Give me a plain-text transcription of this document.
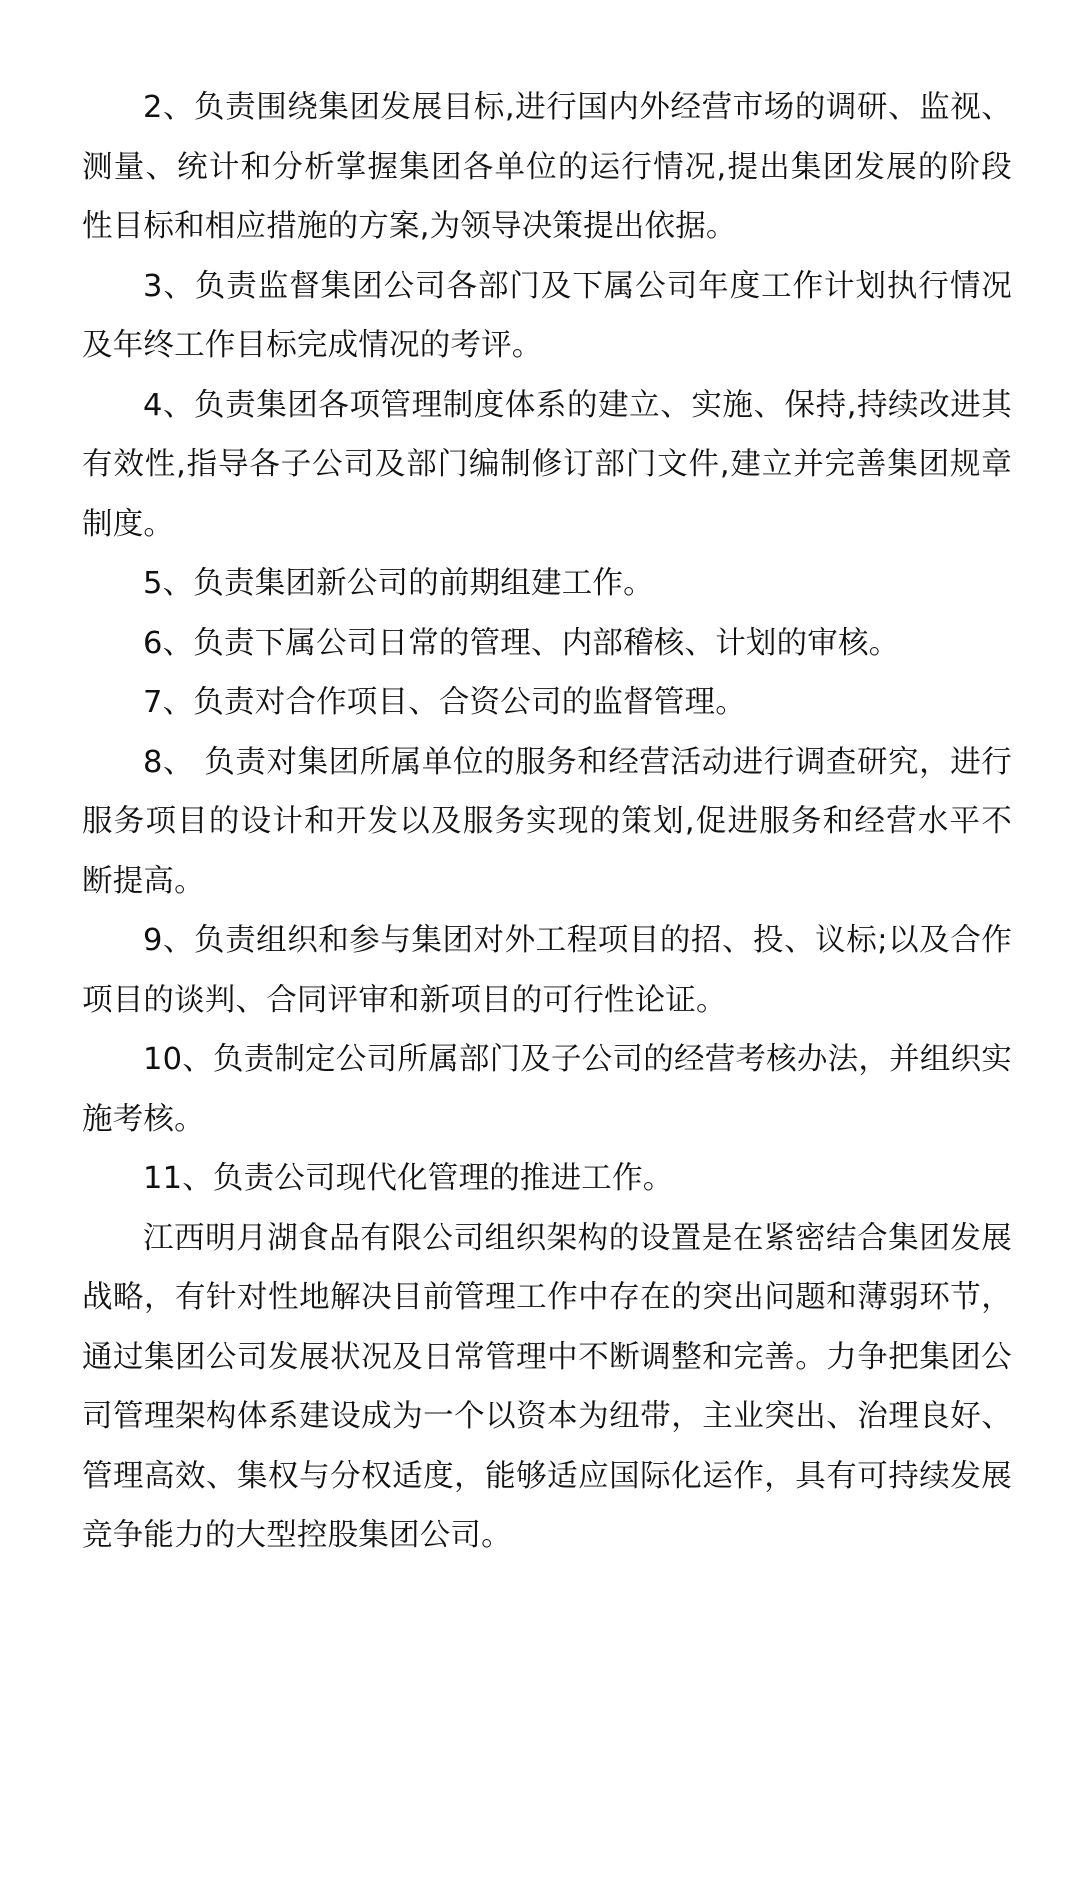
2、负责围绕集团发展目标,进行国内外经营市场的调研、监视、测量、统计和分析掌握集团各单位的运行情况,提出集团发展的阶段性目标和相应措施的方案,为领导决策提出依据。

3、负责监督集团公司各部门及下属公司年度工作计划执行情况及年终工作目标完成情况的考评。

4、负责集团各项管理制度体系的建立、实施、保持,持续改进其有效性,指导各子公司及部门编制修订部门文件,建立并完善集团规章制度。

5、负责集团新公司的前期组建工作。

6、负责下属公司日常的管理、内部稽核、计划的审核。

7、负责对合作项目、合资公司的监督管理。

8、 负责对集团所属单位的服务和经营活动进行调查研究，进行服务项目的设计和开发以及服务实现的策划,促进服务和经营水平不断提高。

9、负责组织和参与集团对外工程项目的招、投、议标;以及合作项目的谈判、合同评审和新项目的可行性论证。

10、负责制定公司所属部门及子公司的经营考核办法，并组织实施考核。

11、负责公司现代化管理的推进工作。

江西明月湖食品有限公司组织架构的设置是在紧密结合集团发展战略，有针对性地解决目前管理工作中存在的突出问题和薄弱环节，通过集团公司发展状况及日常管理中不断调整和完善。力争把集团公司管理架构体系建设成为一个以资本为纽带，主业突出、治理良好、管理高效、集权与分权适度，能够适应国际化运作，具有可持续发展竞争能力的大型控股集团公司。
